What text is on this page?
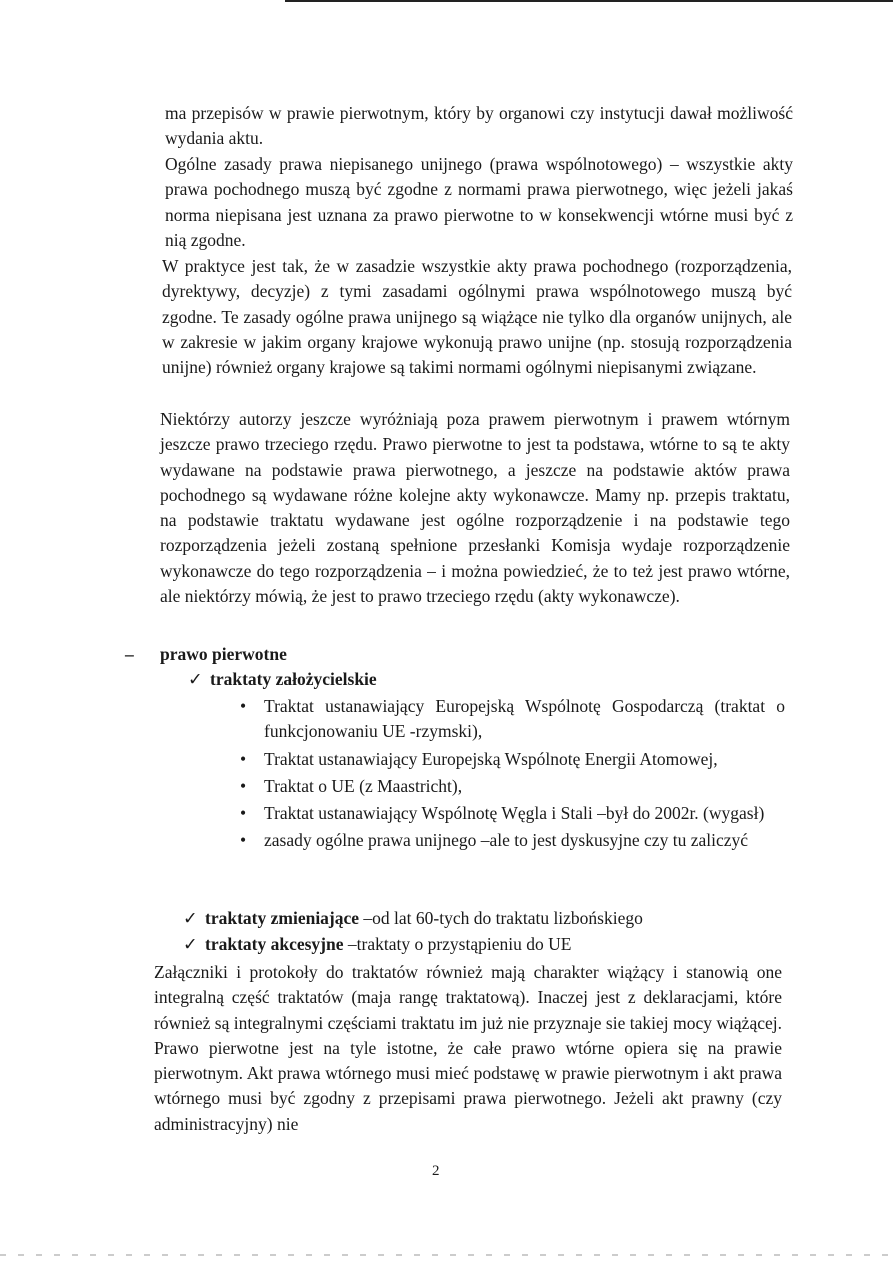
ma przepisów w prawie pierwotnym, który by organowi czy instytucji dawał możliwość wydania aktu.

Ogólne zasady prawa niepisanego unijnego (prawa wspólnotowego) – wszystkie akty prawa pochodnego muszą być zgodne z normami prawa pierwotnego, więc jeżeli jakaś norma niepisana jest uznana za prawo pierwotne to w konsekwencji wtórne musi być z nią zgodne.

W praktyce jest tak, że w zasadzie wszystkie akty prawa pochodnego (rozporządzenia, dyrektywy, decyzje) z tymi zasadami ogólnymi prawa wspólnotowego muszą być zgodne. Te zasady ogólne prawa unijnego są wiążące nie tylko dla organów unijnych, ale w zakresie w jakim organy krajowe wykonują prawo unijne (np. stosują rozporządzenia unijne) również organy krajowe są takimi normami ogólnymi niepisanymi związane.

Niektórzy autorzy jeszcze wyróżniają poza prawem pierwotnym i prawem wtórnym jeszcze prawo trzeciego rzędu. Prawo pierwotne to jest ta podstawa, wtórne to są te akty wydawane na podstawie prawa pierwotnego, a jeszcze na podstawie aktów prawa pochodnego są wydawane różne kolejne akty wykonawcze. Mamy np. przepis traktatu, na podstawie traktatu wydawane jest ogólne rozporządzenie i na podstawie tego rozporządzenia jeżeli zostaną spełnione przesłanki Komisja wydaje rozporządzenie wykonawcze do tego rozporządzenia – i można powiedzieć, że to też jest prawo wtórne, ale niektórzy mówią, że jest to prawo trzeciego rzędu (akty wykonawcze).

– prawo pierwotne
✓ traktaty założycielskie
• Traktat ustanawiający Europejską Wspólnotę Gospodarczą (traktat o funkcjonowaniu UE -rzymski),
• Traktat ustanawiający Europejską Wspólnotę Energii Atomowej,
• Traktat o UE (z Maastricht),
• Traktat ustanawiający Wspólnotę Węgla i Stali –był do 2002r. (wygasł)
• zasady ogólne prawa unijnego –ale to jest dyskusyjne czy tu zaliczyć
✓ traktaty zmieniające –od lat 60-tych do traktatu lizbońskiego
✓ traktaty akcesyjne –traktaty o przystąpieniu do UE

Załączniki i protokoły do traktatów również mają charakter wiążący i stanowią one integralną część traktatów (maja rangę traktatową). Inaczej jest z deklaracjami, które również są integralnymi częściami traktatu im już nie przyznaje sie takiej mocy wiążącej. Prawo pierwotne jest na tyle istotne, że całe prawo wtórne opiera się na prawie pierwotnym. Akt prawa wtórnego musi mieć podstawę w prawie pierwotnym i akt prawa wtórnego musi być zgodny z przepisami prawa pierwotnego. Jeżeli akt prawny (czy administracyjny) nie

2
